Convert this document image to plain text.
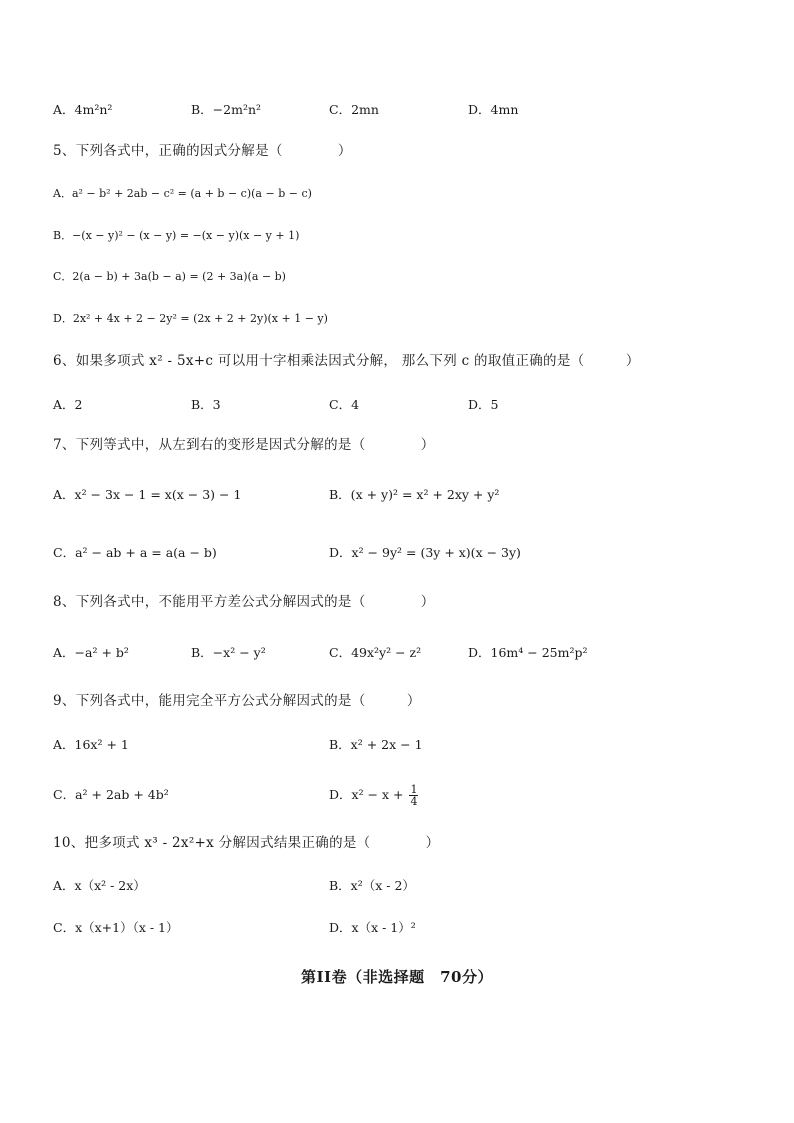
A．4m²n²	B．−2m²n²	C．2mn	D．4mn
5、下列各式中，正确的因式分解是（　　　　）
A．a² − b² + 2ab − c² = (a + b − c)(a − b − c)
B．−(x − y)² − (x − y) = −(x − y)(x − y + 1)
C．2(a − b) + 3a(b − a) = (2 + 3a)(a − b)
D．2x² + 4x + 2 − 2y² = (2x + 2 + 2y)(x + 1 − y)
6、如果多项式 x² - 5x+c 可以用十字相乘法因式分解， 那么下列 c 的取值正确的是（　　　）
A．2	B．3	C．4	D．5
7、下列等式中，从左到右的变形是因式分解的是（　　　　）
A．x² − 3x − 1 = x(x − 3) − 1	B．(x + y)² = x² + 2xy + y²
C．a² − ab + a = a(a − b)	D．x² − 9y² = (3y + x)(x − 3y)
8、下列各式中，不能用平方差公式分解因式的是（　　　　）
A．−a² + b²	B．−x² − y²	C．49x²y² − z²	D．16m⁴ − 25m²p²
9、下列各式中，能用完全平方公式分解因式的是（　　　）
A．16x² + 1	B．x² + 2x − 1
C．a² + 2ab + 4b²	D．$x^2 - x + \frac{1}{4}$
10、把多项式 x³ - 2x²+x 分解因式结果正确的是（　　　　）
A．x（x² - 2x）	B．x²（x - 2）
C．x（x+1）（x - 1）	D．x（x - 1）²
第II卷（非选择题　70分）
